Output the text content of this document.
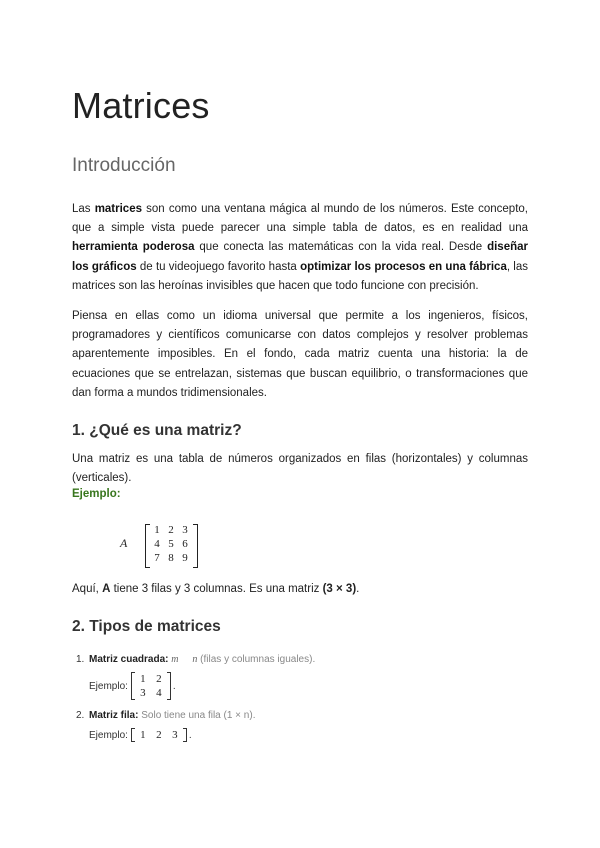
Matrices
Introducción

Las matrices son como una ventana mágica al mundo de los números. Este concepto, que a simple vista puede parecer una simple tabla de datos, es en realidad una herramienta poderosa que conecta las matemáticas con la vida real. Desde diseñar los gráficos de tu videojuego favorito hasta optimizar los procesos en una fábrica, las matrices son las heroínas invisibles que hacen que todo funcione con precisión.

Piensa en ellas como un idioma universal que permite a los ingenieros, físicos, programadores y científicos comunicarse con datos complejos y resolver problemas aparentemente imposibles. En el fondo, cada matriz cuenta una historia: la de ecuaciones que se entrelazan, sistemas que buscan equilibrio, o transformaciones que dan forma a mundos tridimensionales.

1. ¿Qué es una matriz?

Una matriz es una tabla de números organizados en filas (horizontales) y columnas (verticales).

Ejemplo:
A
1 2 3
4 5 6
7 8 9
Aquí, A tiene 3 filas y 3 columnas. Es una matriz (3 × 3).
2. Tipos de matrices
1. Matriz cuadrada: m n (filas y columnas iguales).
Ejemplo:
1 2
3 4
.
2. Matriz fila: Solo tiene una fila (1 × n).
Ejemplo:	1 2 3	.
